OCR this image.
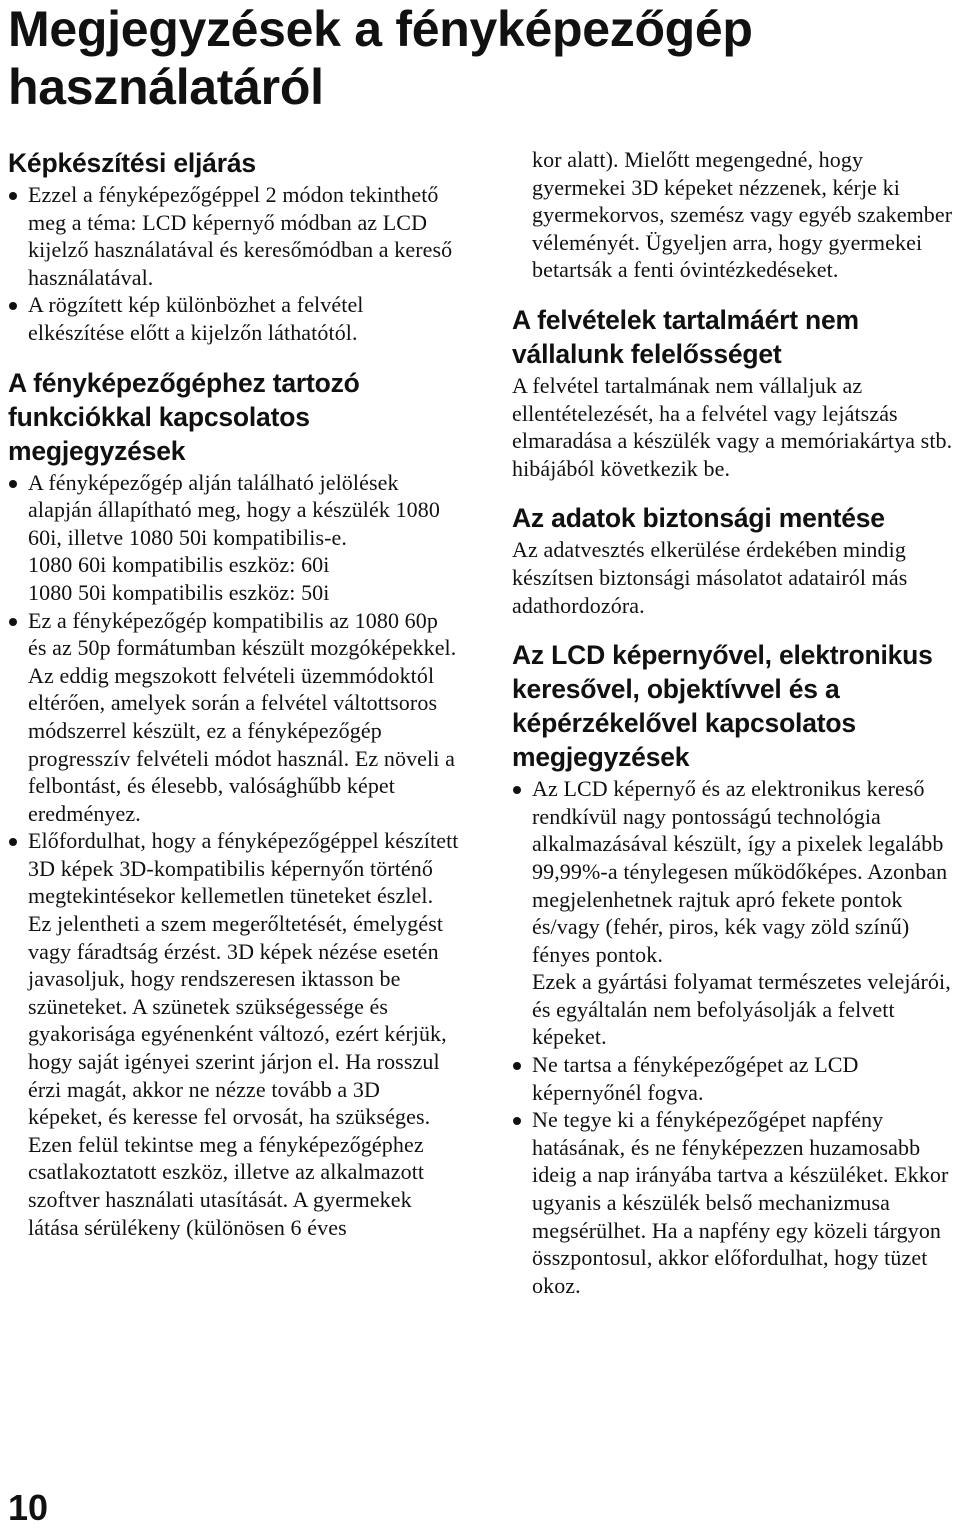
Megjegyzések a fényképezőgép használatáról
Képkészítési eljárás
Ezzel a fényképezőgéppel 2 módon tekinthető meg a téma: LCD képernyő módban az LCD kijelző használatával és keresőmódban a kereső használatával.
A rögzített kép különbözhet a felvétel elkészítése előtt a kijelzőn láthatótól.
A fényképezőgéphez tartozó funkciókkal kapcsolatos megjegyzések
A fényképezőgép alján található jelölések alapján állapítható meg, hogy a készülék 1080 60i, illetve 1080 50i kompatibilis-e.
1080 60i kompatibilis eszköz: 60i
1080 50i kompatibilis eszköz: 50i
Ez a fényképezőgép kompatibilis az 1080 60p és az 50p formátumban készült mozgóképekkel. Az eddig megszokott felvételi üzemmódoktól eltérően, amelyek során a felvétel váltottsoros módszerrel készült, ez a fényképezőgép progresszív felvételi módot használ. Ez növeli a felbontást, és élesebb, valósághűbb képet eredményez.
Előfordulhat, hogy a fényképezőgéppel készített 3D képek 3D-kompatibilis képernyőn történő megtekintésekor kellemetlen tüneteket észlel. Ez jelentheti a szem megerőltetését, émelygést vagy fáradtság érzést. 3D képek nézése esetén javasoljuk, hogy rendszeresen iktasson be szüneteket. A szünetek szükségessége és gyakorisága egyénenként változó, ezért kérjük, hogy saját igényei szerint járjon el. Ha rosszul érzi magát, akkor ne nézze tovább a 3D képeket, és keresse fel orvosát, ha szükséges. Ezen felül tekintse meg a fényképezőgéphez csatlakoztatott eszköz, illetve az alkalmazott szoftver használati utasítását. A gyermekek látása sérülékeny (különösen 6 éves

kor alatt). Mielőtt megengedné, hogy gyermekei 3D képeket nézzenek, kérje ki gyermekorvos, szemész vagy egyéb szakember véleményét. Ügyeljen arra, hogy gyermekei betartsák a fenti óvintézkedéseket.

A felvételek tartalmáért nem vállalunk felelősséget

A felvétel tartalmának nem vállaljuk az ellentételezését, ha a felvétel vagy lejátszás elmaradása a készülék vagy a memóriakártya stb. hibájából következik be.

Az adatok biztonsági mentése

Az adatvesztés elkerülése érdekében mindig készítsen biztonsági másolatot adatairól más adathordozóra.

Az LCD képernyővel, elektronikus keresővel, objektívvel és a képérzékelővel kapcsolatos megjegyzések
Az LCD képernyő és az elektronikus kereső rendkívül nagy pontosságú technológia alkalmazásával készült, így a pixelek legalább 99,99%-a ténylegesen működőképes. Azonban megjelenhetnek rajtuk apró fekete pontok és/vagy (fehér, piros, kék vagy zöld színű) fényes pontok.
Ezek a gyártási folyamat természetes velejárói, és egyáltalán nem befolyásolják a felvett képeket.
Ne tartsa a fényképezőgépet az LCD képernyőnél fogva.
Ne tegye ki a fényképezőgépet napfény hatásának, és ne fényképezzen huzamosabb ideig a nap irányába tartva a készüléket. Ekkor ugyanis a készülék belső mechanizmusa megsérülhet. Ha a napfény egy közeli tárgyon összpontosul, akkor előfordulhat, hogy tüzet okoz.
10
